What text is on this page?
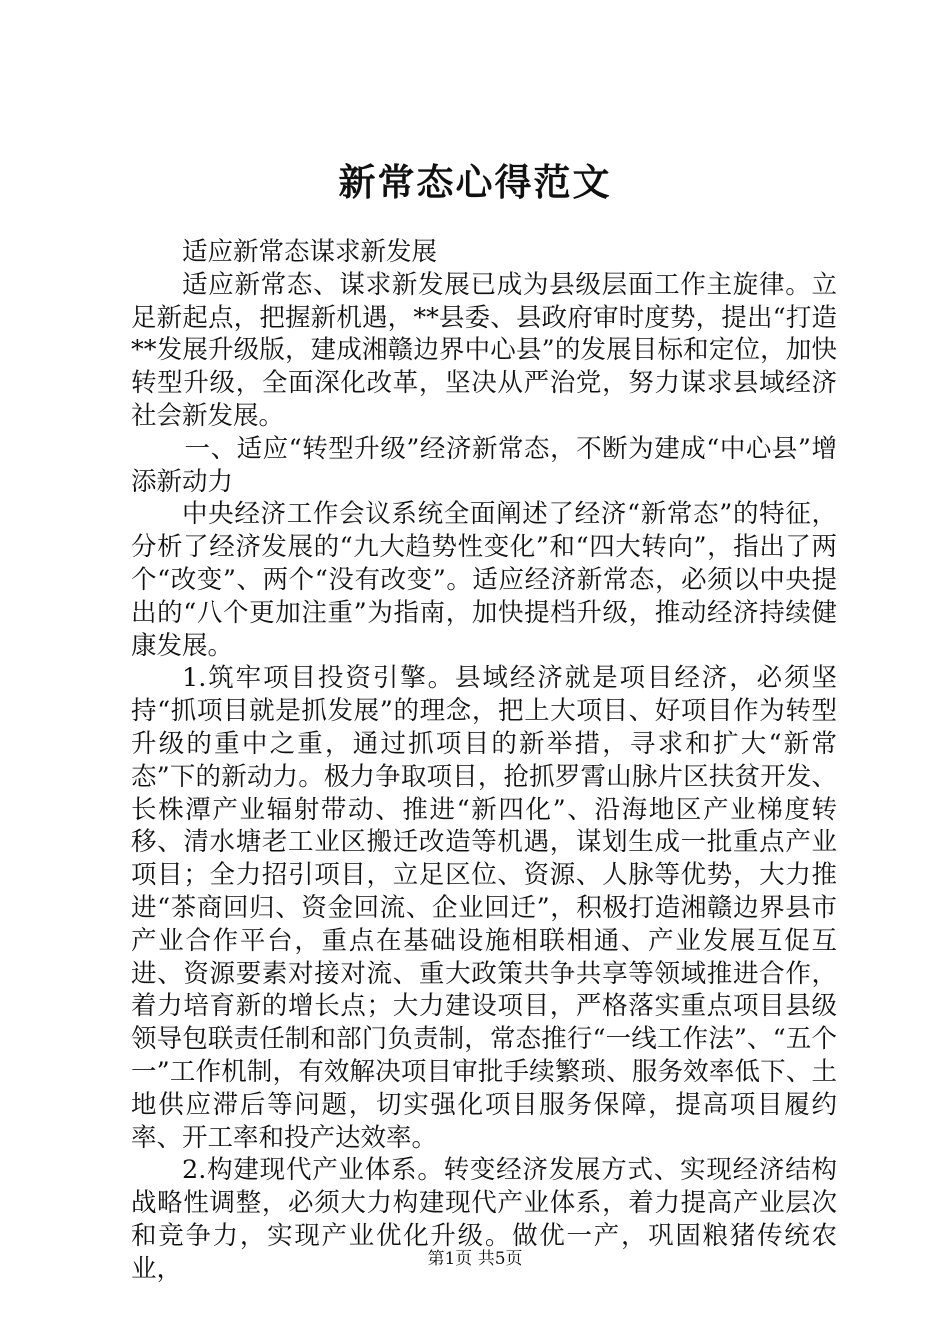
新常态心得范文

适应新常态谋求新发展

适应新常态、谋求新发展已成为县级层面工作主旋律。立足新起点，把握新机遇，**县委、县政府审时度势，提出“打造**发展升级版，建成湘赣边界中心县”的发展目标和定位，加快转型升级，全面深化改革，坚决从严治党，努力谋求县域经济社会新发展。

一、适应“转型升级”经济新常态，不断为建成“中心县”增添新动力

中央经济工作会议系统全面阐述了经济“新常态”的特征，分析了经济发展的“九大趋势性变化”和“四大转向”，指出了两个“改变”、两个“没有改变”。适应经济新常态，必须以中央提出的“八个更加注重”为指南，加快提档升级，推动经济持续健康发展。

1.筑牢项目投资引擎。县域经济就是项目经济，必须坚持“抓项目就是抓发展”的理念，把上大项目、好项目作为转型升级的重中之重，通过抓项目的新举措，寻求和扩大“新常态”下的新动力。极力争取项目，抢抓罗霄山脉片区扶贫开发、长株潭产业辐射带动、推进“新四化”、沿海地区产业梯度转移、清水塘老工业区搬迁改造等机遇，谋划生成一批重点产业项目；全力招引项目，立足区位、资源、人脉等优势，大力推进“茶商回归、资金回流、企业回迁”，积极打造湘赣边界县市产业合作平台，重点在基础设施相联相通、产业发展互促互进、资源要素对接对流、重大政策共争共享等领域推进合作，着力培育新的增长点；大力建设项目，严格落实重点项目县级领导包联责任制和部门负责制，常态推行“一线工作法”、“五个一”工作机制，有效解决项目审批手续繁琐、服务效率低下、土地供应滞后等问题，切实强化项目服务保障，提高项目履约率、开工率和投产达效率。

2.构建现代产业体系。转变经济发展方式、实现经济结构战略性调整，必须大力构建现代产业体系，着力提高产业层次和竞争力，实现产业优化升级。做优一产，巩固粮猪传统农业，	第1页 共5页
